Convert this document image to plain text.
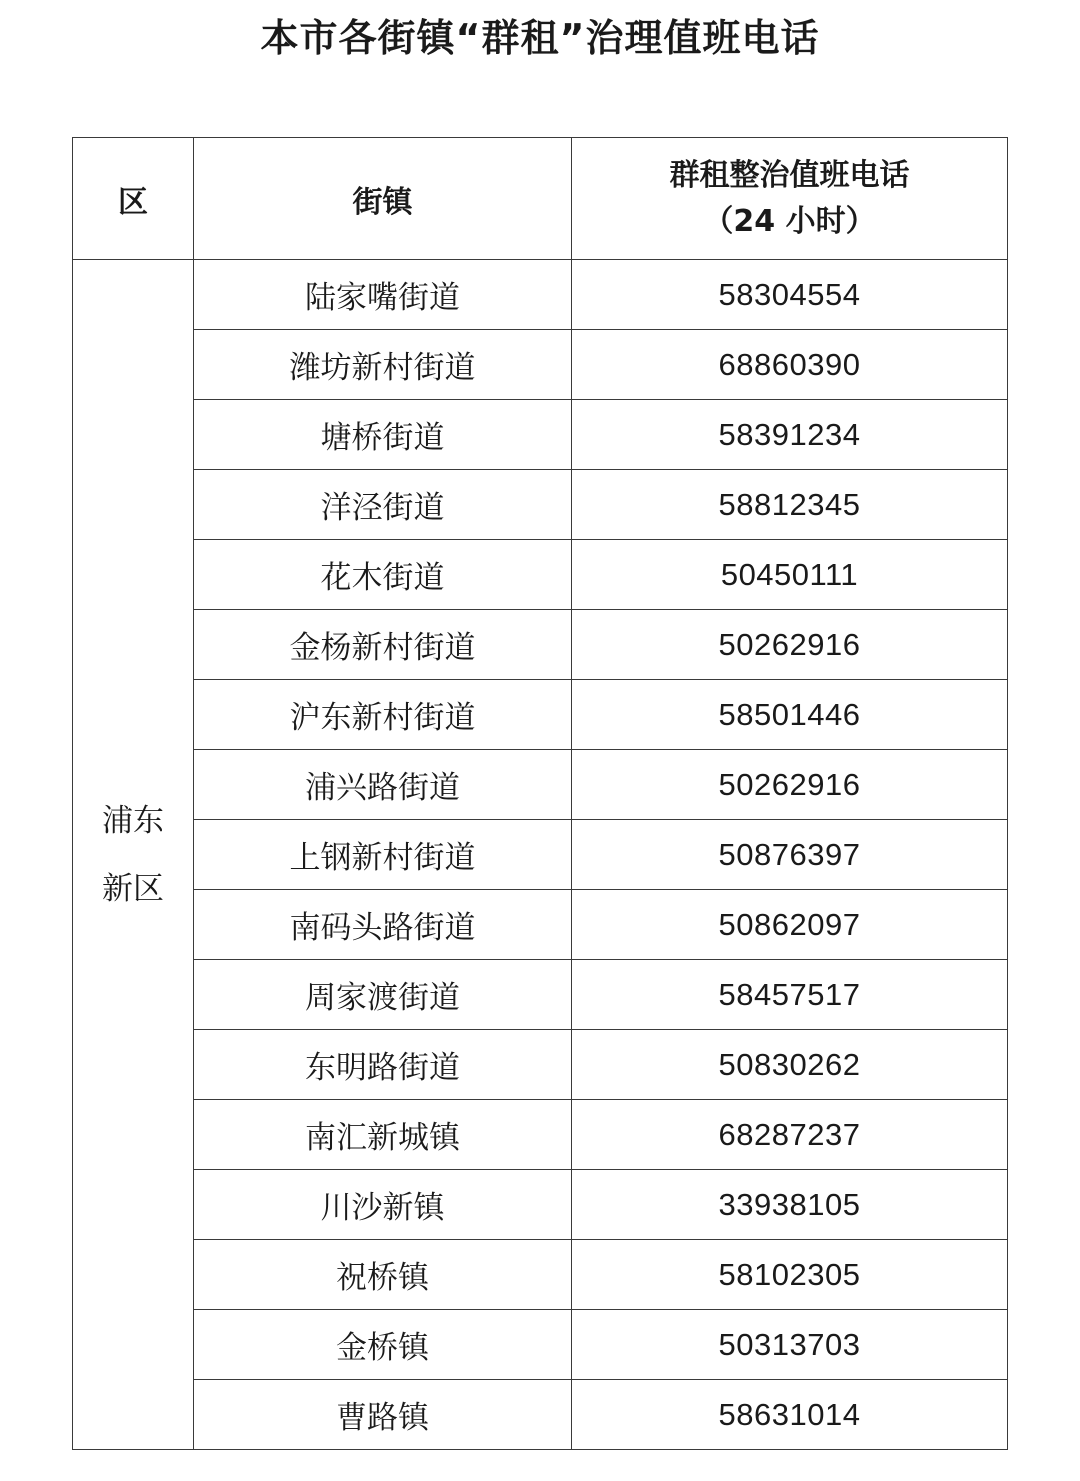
本市各街镇“群租”治理值班电话
区	街镇	群租整治值班电话
（24 小时）

浦东
新区	陆家嘴街道	58304554
	潍坊新村街道	68860390
	塘桥街道	58391234
	洋泾街道	58812345
	花木街道	50450111
	金杨新村街道	50262916
	沪东新村街道	58501446
	浦兴路街道	50262916
	上钢新村街道	50876397
	南码头路街道	50862097
	周家渡街道	58457517
	东明路街道	50830262
	南汇新城镇	68287237
	川沙新镇	33938105
	祝桥镇	58102305
	金桥镇	50313703
	曹路镇	58631014
